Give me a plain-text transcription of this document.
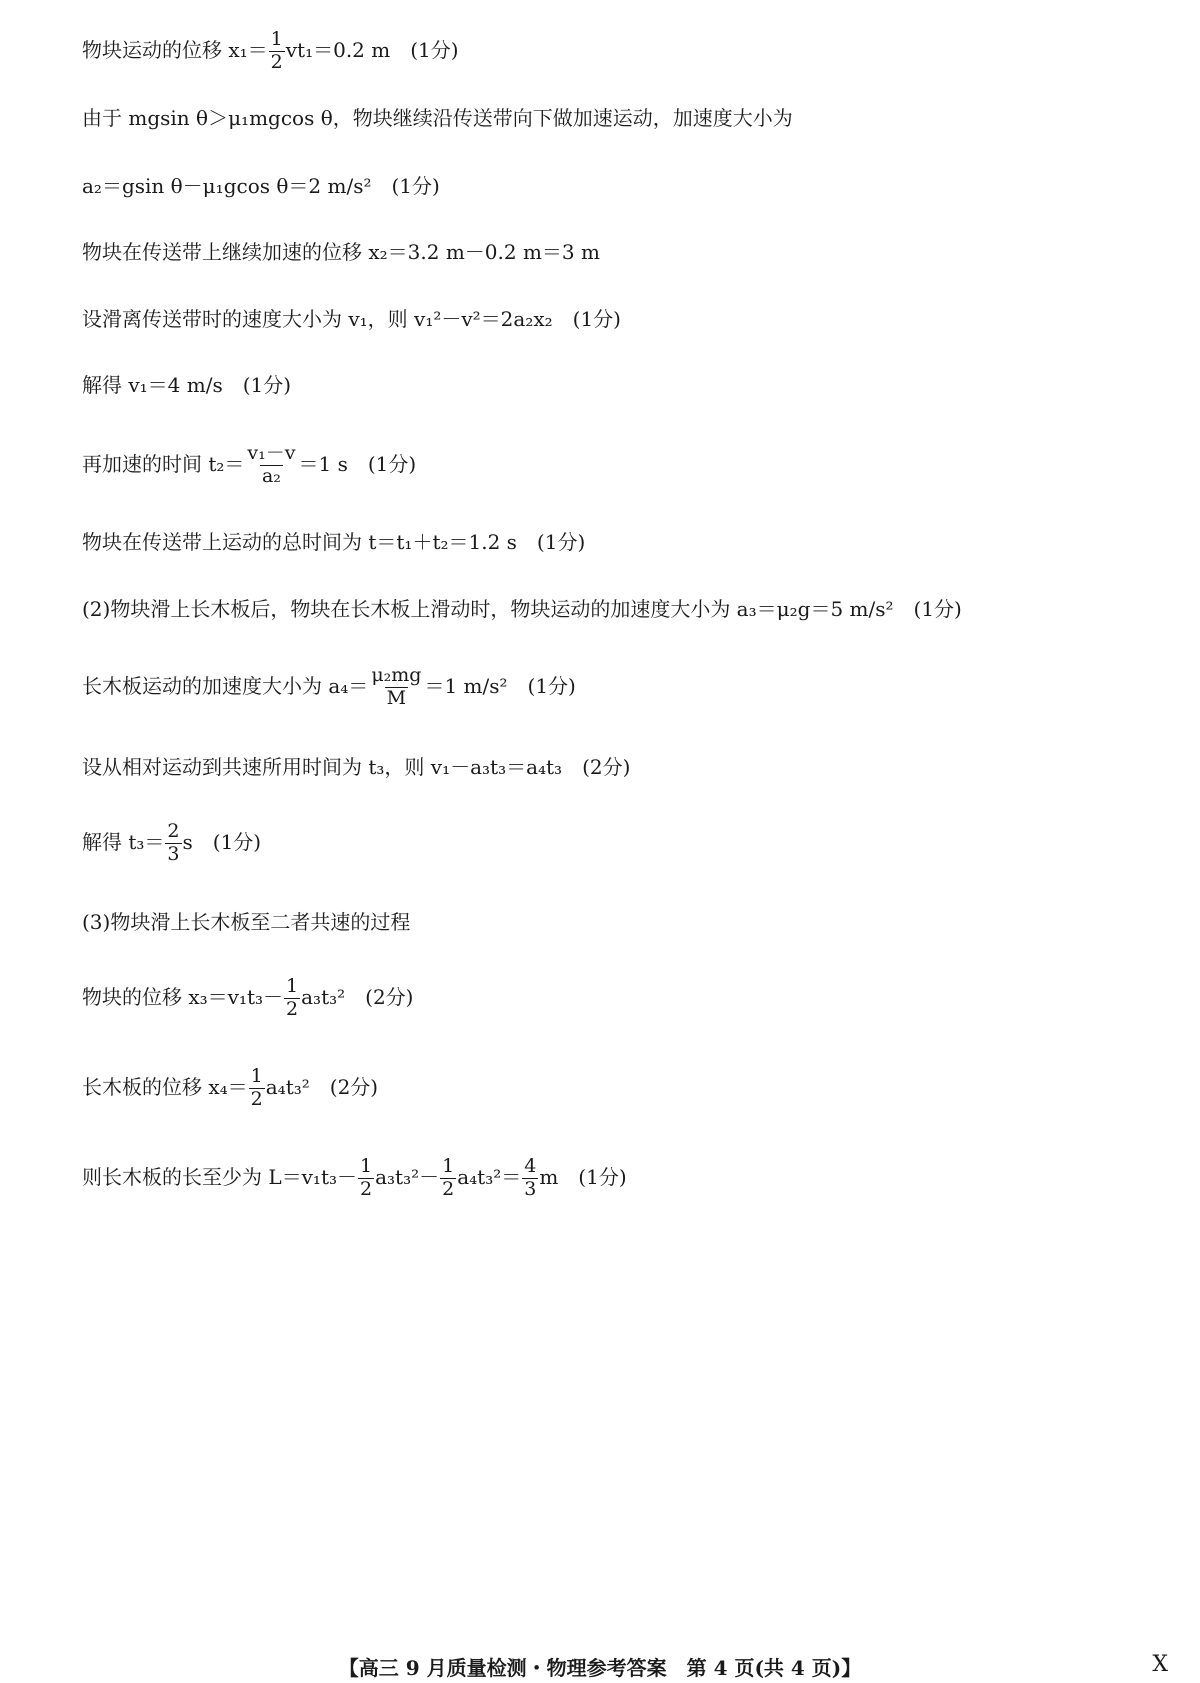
物块运动的位移 $x_1= \frac{1}{2} vt_1=0.2$ m　(1分)
由于 mgsin θ＞μ₁mgcos θ，物块继续沿传送带向下做加速运动，加速度大小为
a₂＝gsin θ－μ₁gcos θ＝2 m/s²　(1分)
物块在传送带上继续加速的位移 x₂＝3.2 m－0.2 m＝3 m
设滑离传送带时的速度大小为 v₁，则 v₁²－v²＝2a₂x₂　(1分)
解得 v₁＝4 m/s　(1分)
再加速的时间 $t_2= \frac{\text{v₁－v}}{\text{a₂}} =1$ s　(1分)
物块在传送带上运动的总时间为 t＝t₁＋t₂＝1.2 s　(1分)
(2)物块滑上长木板后，物块在长木板上滑动时，物块运动的加速度大小为 a₃＝μ₂g＝5 m/s²　(1分)
长木板运动的加速度大小为 $a_4= \frac{\text{μ₂mg}}{M} =1$ m/s²　(1分)
设从相对运动到共速所用时间为 t₃，则 v₁－a₃t₃＝a₄t₃　(2分)
解得 $t_3= \frac{2}{3}$ s　(1分)
(3)物块滑上长木板至二者共速的过程
物块的位移 $x_3=v_1t_3- \frac{1}{2} a_3t_3^2$　(2分)
长木板的位移 $x_4= \frac{1}{2} a_4t_3^2$　(2分)
则长木板的长至少为 $L=v_1t_3- \frac{1}{2} a_3t_3^2- \frac{1}{2} a_4t_3^2= \frac{4}{3}$ m　(1分)
【高三 9 月质量检测・物理参考答案　第 4 页(共 4 页)】	X
